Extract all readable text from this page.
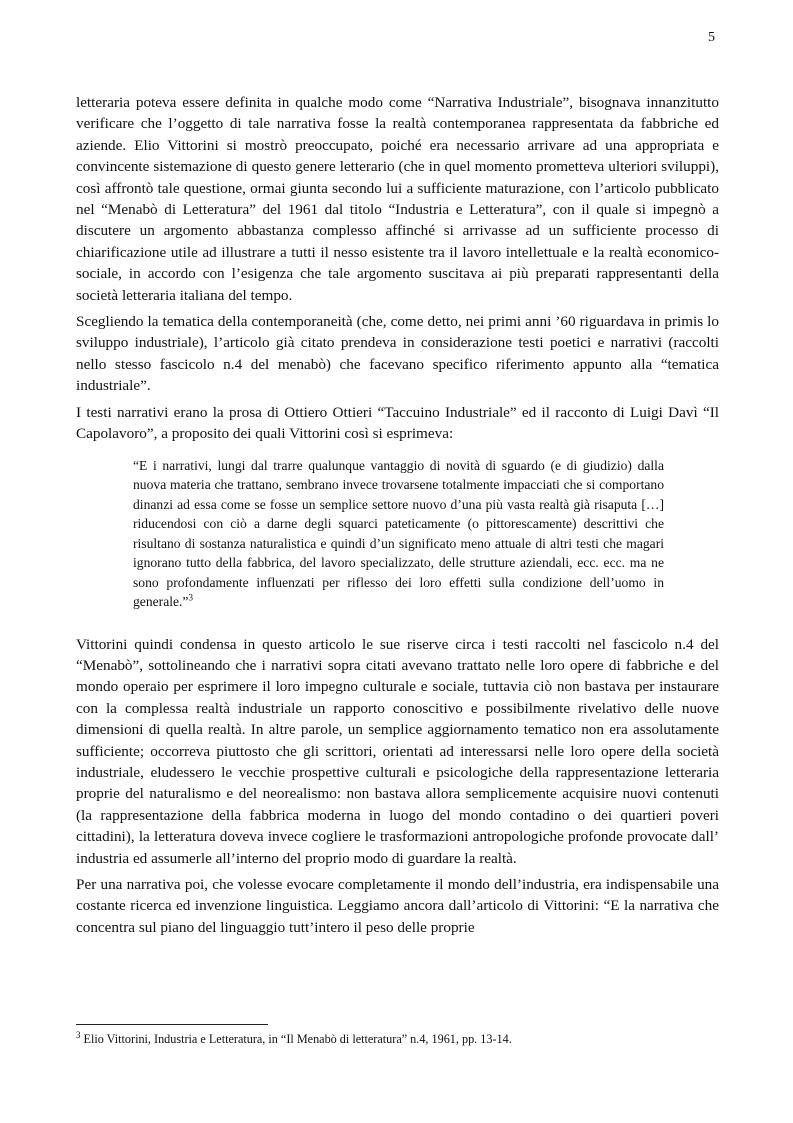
5

letteraria poteva essere definita in qualche modo come “Narrativa Industriale”, bisognava innanzitutto verificare che l’oggetto di tale narrativa fosse la realtà contemporanea rappresentata da fabbriche ed aziende. Elio Vittorini si mostrò preoccupato, poiché era necessario arrivare ad una appropriata e convincente sistemazione di questo genere letterario (che in quel momento prometteva ulteriori sviluppi), così affrontò tale questione, ormai giunta secondo lui a sufficiente maturazione, con l’articolo pubblicato nel “Menabò di Letteratura” del 1961 dal titolo “Industria e Letteratura”, con il quale si impegnò a discutere un argomento abbastanza complesso affinché si arrivasse ad un sufficiente processo di chiarificazione utile ad illustrare a tutti il nesso esistente tra il lavoro intellettuale e la realtà economico-sociale, in accordo con l’esigenza che tale argomento suscitava ai più preparati rappresentanti della società letteraria italiana del tempo.

Scegliendo la tematica della contemporaneità (che, come detto, nei primi anni ’60 riguardava in primis lo sviluppo industriale), l’articolo già citato prendeva in considerazione testi poetici e narrativi (raccolti nello stesso fascicolo n.4 del menabò) che facevano specifico riferimento appunto alla “tematica industriale”.

I testi narrativi erano la prosa di Ottiero Ottieri “Taccuino Industriale” ed il racconto di Luigi Davì “Il Capolavoro”, a proposito dei quali Vittorini così si esprimeva:

“E i narrativi, lungi dal trarre qualunque vantaggio di novità di sguardo (e di giudizio) dalla nuova materia che trattano, sembrano invece trovarsene totalmente impacciati che si comportano dinanzi ad essa come se fosse un semplice settore nuovo d’una più vasta realtà già risaputa […] riducendosi con ciò a darne degli squarci pateticamente (o pittorescamente) descrittivi che risultano di sostanza naturalistica e quindi d’un significato meno attuale di altri testi che magari ignorano tutto della fabbrica, del lavoro specializzato, delle strutture aziendali, ecc. ecc. ma ne sono profondamente influenzati per riflesso dei loro effetti sulla condizione dell’uomo in generale.”$^3$

Vittorini quindi condensa in questo articolo le sue riserve circa i testi raccolti nel fascicolo n.4 del “Menabò”, sottolineando che i narrativi sopra citati avevano trattato nelle loro opere di fabbriche e del mondo operaio per esprimere il loro impegno culturale e sociale, tuttavia ciò non bastava per instaurare con la complessa realtà industriale un rapporto conoscitivo e possibilmente rivelativo delle nuove dimensioni di quella realtà. In altre parole, un semplice aggiornamento tematico non era assolutamente sufficiente; occorreva piuttosto che gli scrittori, orientati ad interessarsi nelle loro opere della società industriale, eludessero le vecchie prospettive culturali e psicologiche della rappresentazione letteraria proprie del naturalismo e del neorealismo: non bastava allora semplicemente acquisire nuovi contenuti (la rappresentazione della fabbrica moderna in luogo del mondo contadino o dei quartieri poveri cittadini), la letteratura doveva invece cogliere le trasformazioni antropologiche profonde provocate dall’ industria ed assumerle all’interno del proprio modo di guardare la realtà.

Per una narrativa poi, che volesse evocare completamente il mondo dell’industria, era indispensabile una costante ricerca ed invenzione linguistica. Leggiamo ancora dall’articolo di Vittorini: “E la narrativa che concentra sul piano del linguaggio tutt’intero il peso delle proprie

$^3$ Elio Vittorini, Industria e Letteratura, in “Il Menabò di letteratura” n.4, 1961, pp. 13-14.
